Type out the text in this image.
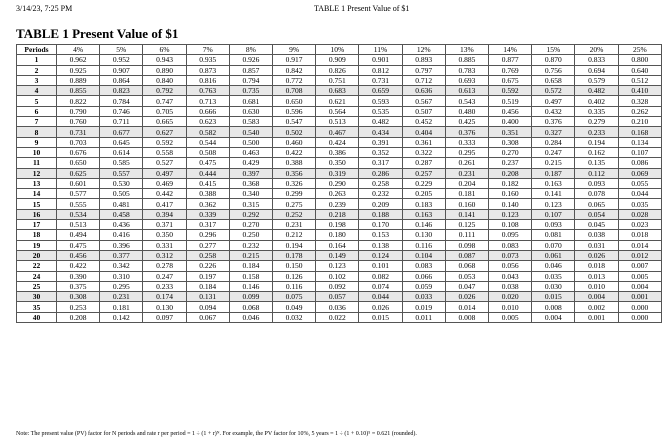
3/14/23, 7:25 PM	TABLE 1 Present Value of $1
TABLE 1 Present Value of $1
Periods	4%	5%	6%	7%	8%	9%	10%	11%	12%	13%	14%	15%	20%	25%
1	0.962	0.952	0.943	0.935	0.926	0.917	0.909	0.901	0.893	0.885	0.877	0.870	0.833	0.800
2	0.925	0.907	0.890	0.873	0.857	0.842	0.826	0.812	0.797	0.783	0.769	0.756	0.694	0.640
3	0.889	0.864	0.840	0.816	0.794	0.772	0.751	0.731	0.712	0.693	0.675	0.658	0.579	0.512
4	0.855	0.823	0.792	0.763	0.735	0.708	0.683	0.659	0.636	0.613	0.592	0.572	0.482	0.410
5	0.822	0.784	0.747	0.713	0.681	0.650	0.621	0.593	0.567	0.543	0.519	0.497	0.402	0.328
6	0.790	0.746	0.705	0.666	0.630	0.596	0.564	0.535	0.507	0.480	0.456	0.432	0.335	0.262
7	0.760	0.711	0.665	0.623	0.583	0.547	0.513	0.482	0.452	0.425	0.400	0.376	0.279	0.210
8	0.731	0.677	0.627	0.582	0.540	0.502	0.467	0.434	0.404	0.376	0.351	0.327	0.233	0.168
9	0.703	0.645	0.592	0.544	0.500	0.460	0.424	0.391	0.361	0.333	0.308	0.284	0.194	0.134
10	0.676	0.614	0.558	0.508	0.463	0.422	0.386	0.352	0.322	0.295	0.270	0.247	0.162	0.107
11	0.650	0.585	0.527	0.475	0.429	0.388	0.350	0.317	0.287	0.261	0.237	0.215	0.135	0.086
12	0.625	0.557	0.497	0.444	0.397	0.356	0.319	0.286	0.257	0.231	0.208	0.187	0.112	0.069
13	0.601	0.530	0.469	0.415	0.368	0.326	0.290	0.258	0.229	0.204	0.182	0.163	0.093	0.055
14	0.577	0.505	0.442	0.388	0.340	0.299	0.263	0.232	0.205	0.181	0.160	0.141	0.078	0.044
15	0.555	0.481	0.417	0.362	0.315	0.275	0.239	0.209	0.183	0.160	0.140	0.123	0.065	0.035
16	0.534	0.458	0.394	0.339	0.292	0.252	0.218	0.188	0.163	0.141	0.123	0.107	0.054	0.028
17	0.513	0.436	0.371	0.317	0.270	0.231	0.198	0.170	0.146	0.125	0.108	0.093	0.045	0.023
18	0.494	0.416	0.350	0.296	0.250	0.212	0.180	0.153	0.130	0.111	0.095	0.081	0.038	0.018
19	0.475	0.396	0.331	0.277	0.232	0.194	0.164	0.138	0.116	0.098	0.083	0.070	0.031	0.014
20	0.456	0.377	0.312	0.258	0.215	0.178	0.149	0.124	0.104	0.087	0.073	0.061	0.026	0.012
22	0.422	0.342	0.278	0.226	0.184	0.150	0.123	0.101	0.083	0.068	0.056	0.046	0.018	0.007
24	0.390	0.310	0.247	0.197	0.158	0.126	0.102	0.082	0.066	0.053	0.043	0.035	0.013	0.005
25	0.375	0.295	0.233	0.184	0.146	0.116	0.092	0.074	0.059	0.047	0.038	0.030	0.010	0.004
30	0.308	0.231	0.174	0.131	0.099	0.075	0.057	0.044	0.033	0.026	0.020	0.015	0.004	0.001
35	0.253	0.181	0.130	0.094	0.068	0.049	0.036	0.026	0.019	0.014	0.010	0.008	0.002	0.000
40	0.208	0.142	0.097	0.067	0.046	0.032	0.022	0.015	0.011	0.008	0.005	0.004	0.001	0.000
Note: The present value (PV) factor for N periods and rate r per period = 1 ÷ (1 + r)ᴺ. For example, the PV factor for 10%, 5 years = 1 ÷ (1 + 0.10)⁵ = 0.621 (rounded).
